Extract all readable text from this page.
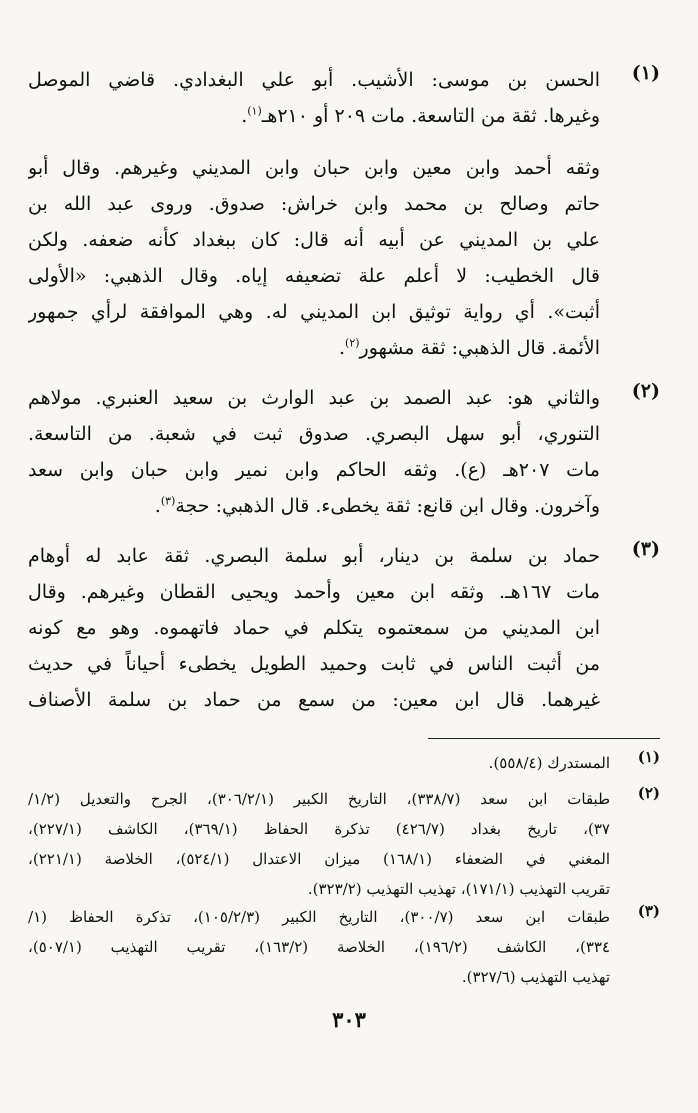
(١)
الحسن بن موسى: الأشيب. أبو علي البغدادي. قاضي الموصل
وغيرها. ثقة من التاسعة. مات ٢٠٩ أو ٢١٠هـ$^{(١)}$.
وثقه أحمد وابن معين وابن حبان وابن المديني وغيرهم. وقال أبو
حاتم وصالح بن محمد وابن خراش: صدوق. وروى عبد الله بن
علي بن المديني عن أبيه أنه قال: كان ببغداد كأنه ضعفه. ولكن
قال الخطيب: لا أعلم علة تضعيفه إياه. وقال الذهبي: «الأولى
أثبت». أي رواية توثيق ابن المديني له. وهي الموافقة لرأي جمهور
الأئمة. قال الذهبي: ثقة مشهور$^{(٢)}$.
(٢)
والثاني هو: عبد الصمد بن عبد الوارث بن سعيد العنبري. مولاهم
التنوري، أبو سهل البصري. صدوق ثبت في شعبة. من التاسعة.
مات ٢٠٧هـ (ع). وثقه الحاكم وابن نمير وابن حبان وابن سعد
وآخرون. وقال ابن قانع: ثقة يخطىء. قال الذهبي: حجة$^{(٣)}$.
(٣)
حماد بن سلمة بن دينار، أبو سلمة البصري. ثقة عابد له أوهام
مات ١٦٧هـ. وثقه ابن معين وأحمد ويحيى القطان وغيرهم. وقال
ابن المديني من سمعتموه يتكلم في حماد فاتهموه. وهو مع كونه
من أثبت الناس في ثابت وحميد الطويل يخطىء أحياناً في حديث
غيرهما. قال ابن معين: من سمع من حماد بن سلمة الأصناف
(١)
المستدرك (٥٥٨/٤).
(٢)
طبقات ابن سعد (٣٣٨/٧)، التاريخ الكبير (٣٠٦/٢/١)، الجرح والتعديل (١/٢/
٣٧)، تاريخ بغداد (٤٢٦/٧) تذكرة الحفاظ (٣٦٩/١)، الكاشف (٢٢٧/١)،
المغني في الضعفاء (١٦٨/١) ميزان الاعتدال (٥٢٤/١)، الخلاصة (٢٢١/١)،
تقريب التهذيب (١٧١/١)، تهذيب التهذيب (٣٢٣/٢).
(٣)
طبقات ابن سعد (٣٠٠/٧)، التاريخ الكبير (١٠٥/٢/٣)، تذكرة الحفاظ (١/
٣٣٤)، الكاشف (١٩٦/٢)، الخلاصة (١٦٣/٢)، تقريب التهذيب (٥٠٧/١)،
تهذيب التهذيب (٣٢٧/٦).
٣٠٣
